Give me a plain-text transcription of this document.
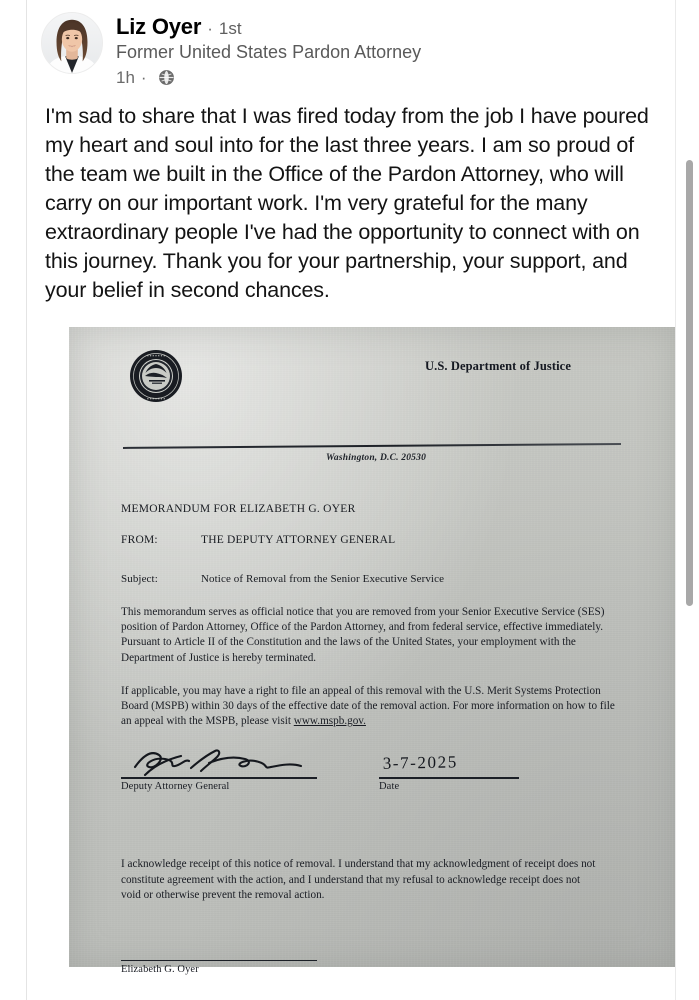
Liz Oyer · 1st
Former United States Pardon Attorney
1h ·
I'm sad to share that I was fired today from the job I have poured my heart and soul into for the last three years. I am so proud of the team we built in the Office of the Pardon Attorney, who will carry on our important work. I'm very grateful for the many extraordinary people I've had the opportunity to connect with on this journey. Thank you for your partnership, your support, and your belief in second chances.
★ ★ ★ ★ ★ ★ ★
★ ★ ★ ★ ★ ★ ★
U.S. Department of Justice
Washington, D.C. 20530
MEMORANDUM FOR ELIZABETH G. OYER
FROM:	THE DEPUTY ATTORNEY GENERAL
Subject:	Notice of Removal from the Senior Executive Service
This memorandum serves as official notice that you are removed from your Senior Executive Service (SES) position of Pardon Attorney, Office of the Pardon Attorney, and from federal service, effective immediately. Pursuant to Article II of the Constitution and the laws of the United States, your employment with the Department of Justice is hereby terminated.
If applicable, you may have a right to file an appeal of this removal with the U.S. Merit Systems Protection Board (MSPB) within 30 days of the effective date of the removal action. For more information on how to file an appeal with the MSPB, please visit www.mspb.gov.
Deputy Attorney General
3-7-2025
Date
I acknowledge receipt of this notice of removal. I understand that my acknowledgment of receipt does not constitute agreement with the action, and I understand that my refusal to acknowledge receipt does not void or otherwise prevent the removal action.
Elizabeth G. Oyer
